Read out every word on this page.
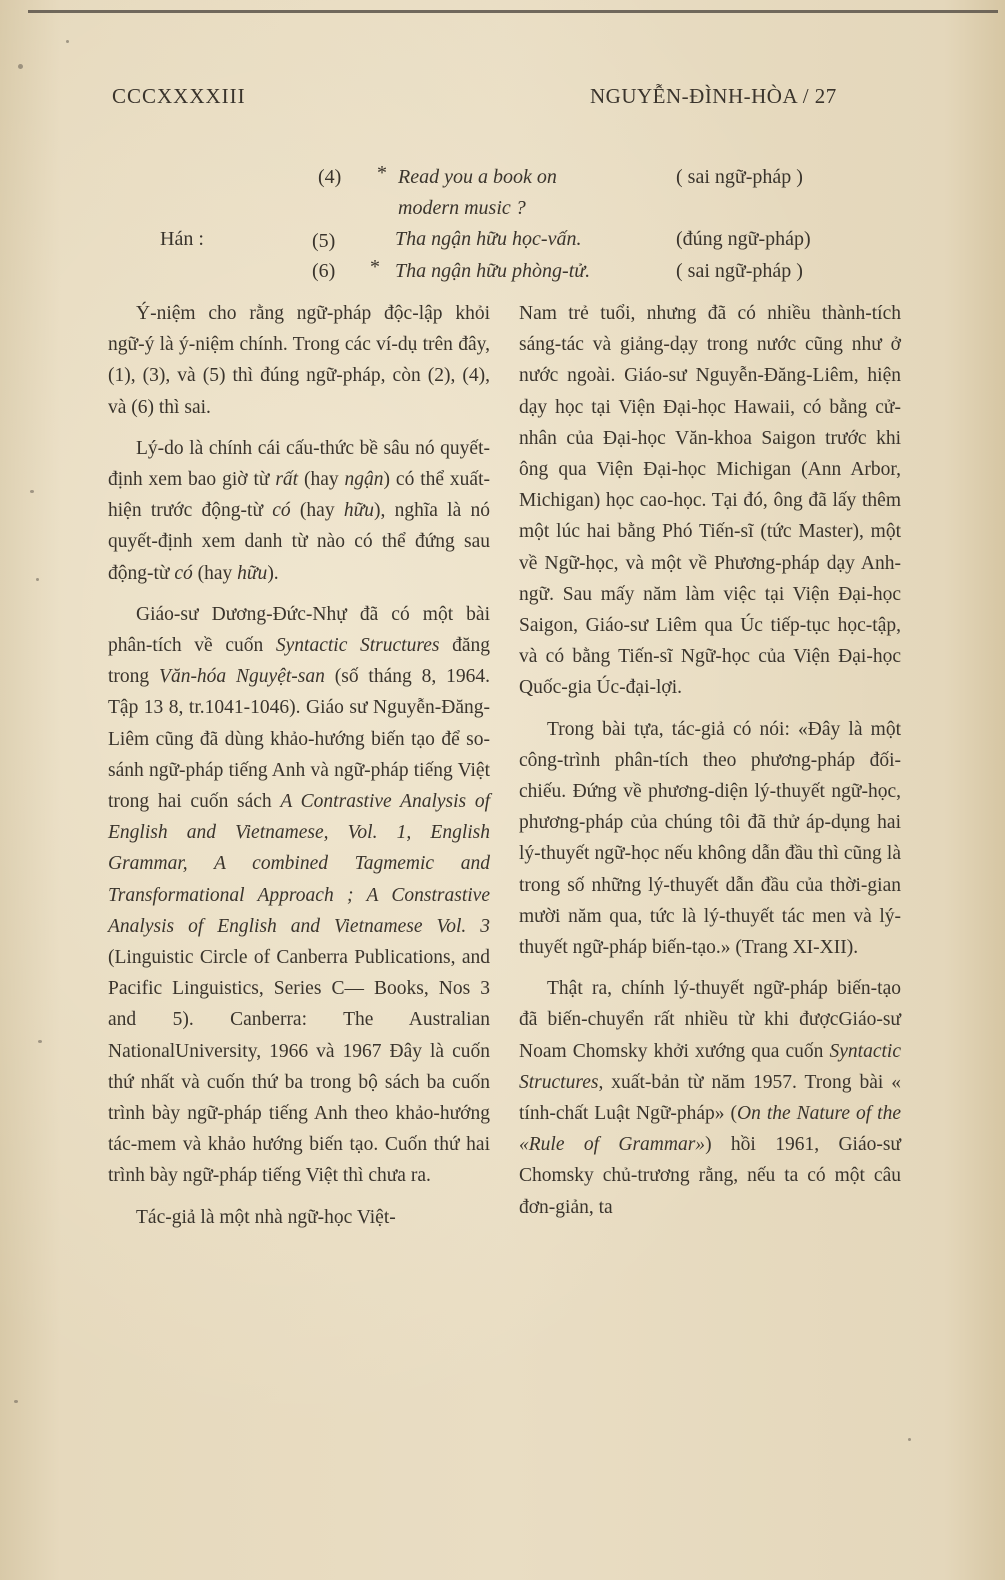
CCCXXXXIII	NGUYỄN-ĐÌNH-HÒA / 27
(4) * Read you a book on	( sai ngữ-pháp )
modern music ?
Hán :	(5)	Tha ngận hữu học-vấn.	(đúng ngữ-pháp)
(6) * Tha ngận hữu phòng-tử.	( sai ngữ-pháp )

Ý-niệm cho rằng ngữ-pháp độc-lập khỏi ngữ-ý là ý-niệm chính. Trong các ví-dụ trên đây, (1), (3), và (5) thì đúng ngữ-pháp, còn (2), (4), và (6) thì sai.

Lý-do là chính cái cấu-thức bề sâu nó quyết-định xem bao giờ từ rất (hay ngận) có thể xuất-hiện trước động-từ có (hay hữu), nghĩa là nó quyết-định xem danh từ nào có thể đứng sau động-từ có (hay hữu).

Giáo-sư Dương-Đức-Nhự đã có một bài phân-tích về cuốn Syntactic Structures đăng trong Văn-hóa Nguyệt-san (số tháng 8, 1964. Tập 13 8, tr.1041-1046). Giáo sư Nguyễn-Đăng-Liêm cũng đã dùng khảo-hướng biến tạo để so-sánh ngữ-pháp tiếng Anh và ngữ-pháp tiếng Việt trong hai cuốn sách A Contrastive Analysis of English and Vietnamese, Vol. 1, English Grammar, A combined Tagmemic and Transformational Approach ; A Constrastive Analysis of English and Vietnamese Vol. 3 (Linguistic Circle of Canberra Publications, and Pacific Linguistics, Series C— Books, Nos 3 and 5). Canberra: The Australian NationalUniversity, 1966 và 1967 Đây là cuốn thứ nhất và cuốn thứ ba trong bộ sách ba cuốn trình bày ngữ-pháp tiếng Anh theo khảo-hướng tác-mem và khảo hướng biến tạo. Cuốn thứ hai trình bày ngữ-pháp tiếng Việt thì chưa ra.

Tác-giả là một nhà ngữ-học Việt-

Nam trẻ tuổi, nhưng đã có nhiều thành-tích sáng-tác và giảng-dạy trong nước cũng như ở nước ngoài. Giáo-sư Nguyễn-Đăng-Liêm, hiện dạy học tại Viện Đại-học Hawaii, có bằng cử-nhân của Đại-học Văn-khoa Saigon trước khi ông qua Viện Đại-học Michigan (Ann Arbor, Michigan) học cao-học. Tại đó, ông đã lấy thêm một lúc hai bằng Phó Tiến-sĩ (tức Master), một về Ngữ-học, và một về Phương-pháp dạy Anh-ngữ. Sau mấy năm làm việc tại Viện Đại-học Saigon, Giáo-sư Liêm qua Úc tiếp-tục học-tập, và có bằng Tiến-sĩ Ngữ-học của Viện Đại-học Quốc-gia Úc-đại-lợi.

Trong bài tựa, tác-giả có nói: «Đây là một công-trình phân-tích theo phương-pháp đối-chiếu. Đứng về phương-diện lý-thuyết ngữ-học, phương-pháp của chúng tôi đã thử áp-dụng hai lý-thuyết ngữ-học nếu không dẫn đầu thì cũng là trong số những lý-thuyết dẫn đầu của thời-gian mười năm qua, tức là lý-thuyết tác men và lý-thuyết ngữ-pháp biến-tạo.» (Trang XI-XII).

Thật ra, chính lý-thuyết ngữ-pháp biến-tạo đã biến-chuyển rất nhiều từ khi đượcGiáo-sư Noam Chomsky khởi xướng qua cuốn Syntactic Structures, xuất-bản từ năm 1957. Trong bài « tính-chất Luật Ngữ-pháp» (On the Nature of the «Rule of Grammar») hồi 1961, Giáo-sư Chomsky chủ-trương rằng, nếu ta có một câu đơn-giản, ta
